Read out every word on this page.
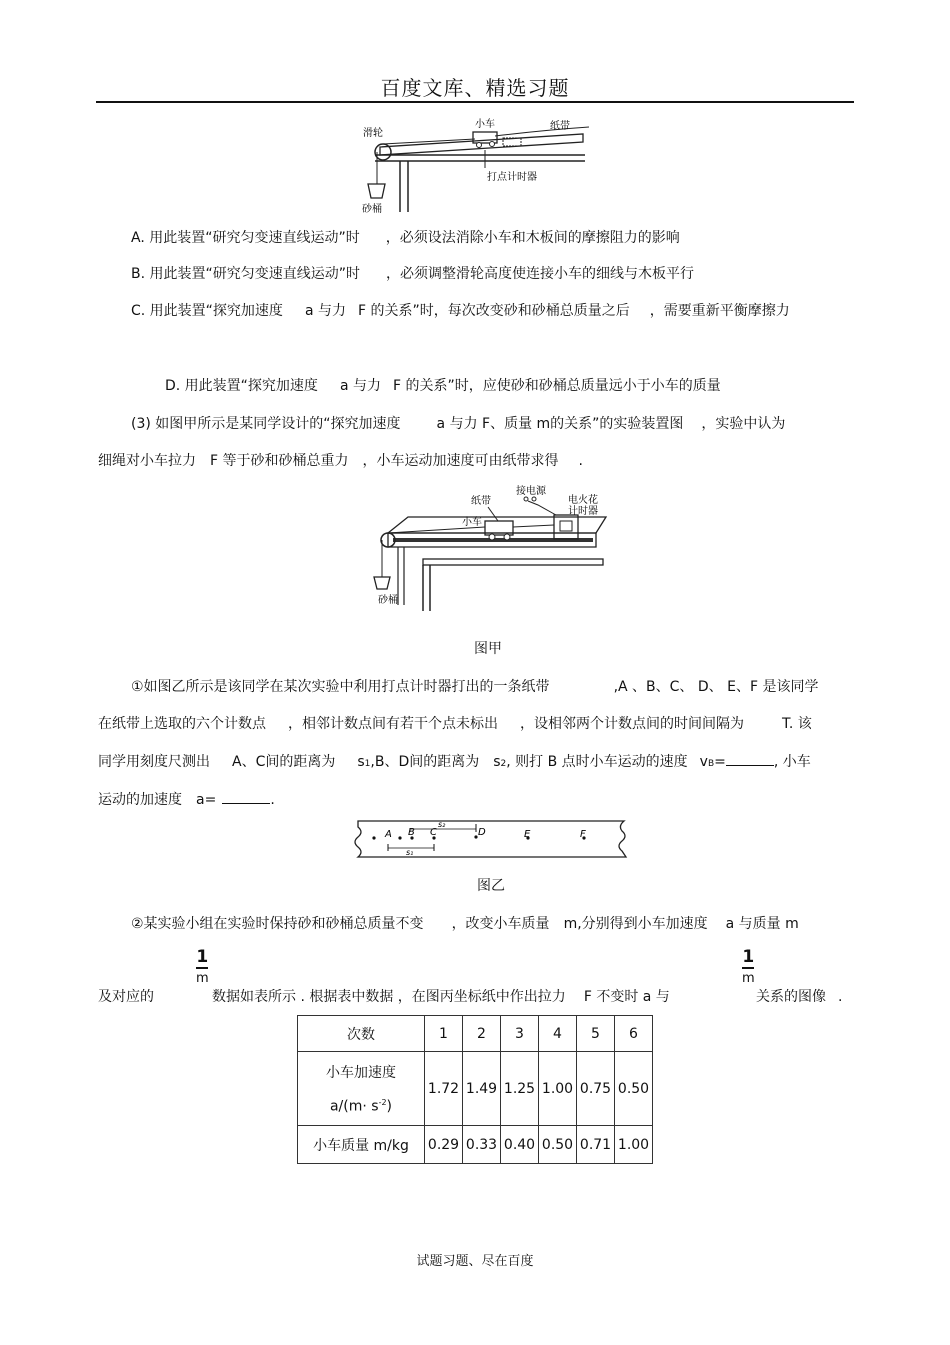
百度文库、精选习题
滑轮
小车	纸带
打点计时器
砂桶
A. 用此装置“研究匀变速直线运动”时 ，必须设法消除小车和木板间的摩擦阻力的影响
B. 用此装置“研究匀变速直线运动”时 ，必须调整滑轮高度使连接小车的细线与木板平行
C. 用此装置“探究加速度 a 与力 F 的关系”时，每次改变砂和砂桶总质量之后 ，需要重新平衡摩擦力
D. 用此装置“探究加速度 a 与力 F 的关系”时，应使砂和砂桶总质量远小于小车的质量
(3) 如图甲所示是某同学设计的“探究加速度	a 与力 F、质量 m的关系”的实验装置图 ，实验中认为
细绳对小车拉力 F 等于砂和砂桶总重力 ，小车运动加速度可由纸带求得 .
纸带
接电源
电火花
计时器
小车
砂桶
图甲
①如图乙所示是该同学在某次实验中利用打点计时器打出的一条纸带	,A 、B、C、 D、 E、F 是该同学
在纸带上选取的六个计数点 ，相邻计数点间有若干个点未标出 ，设相邻两个计数点间的时间间隔为	T. 该
同学用刻度尺测出 A、C间的距离为 s1,B、D间的距离为 s2, 则打 B 点时小车运动的速度 vB=	, 小车
运动的加速度 a=	.
A B C	D	E	F
s₂
s₁
图乙
②某实验小组在实验时保持砂和砂桶总质量不变 ，改变小车质量 m,分别得到小车加速度 a 与质量 m
1
m
1
m
及对应的	数据如表所示 . 根据表中数据 ，在图丙坐标纸中作出拉力 F 不变时 a 与	关系的图像 .
次数	1	2	3	4	5	6

小车加速度
$a/(m\cdot s^{-2})$	1.72	1.49	1.25	1.00	0.75	0.50
小车质量 m/kg	0.29	0.33	0.40	0.50	0.71	1.00
试题习题、尽在百度
